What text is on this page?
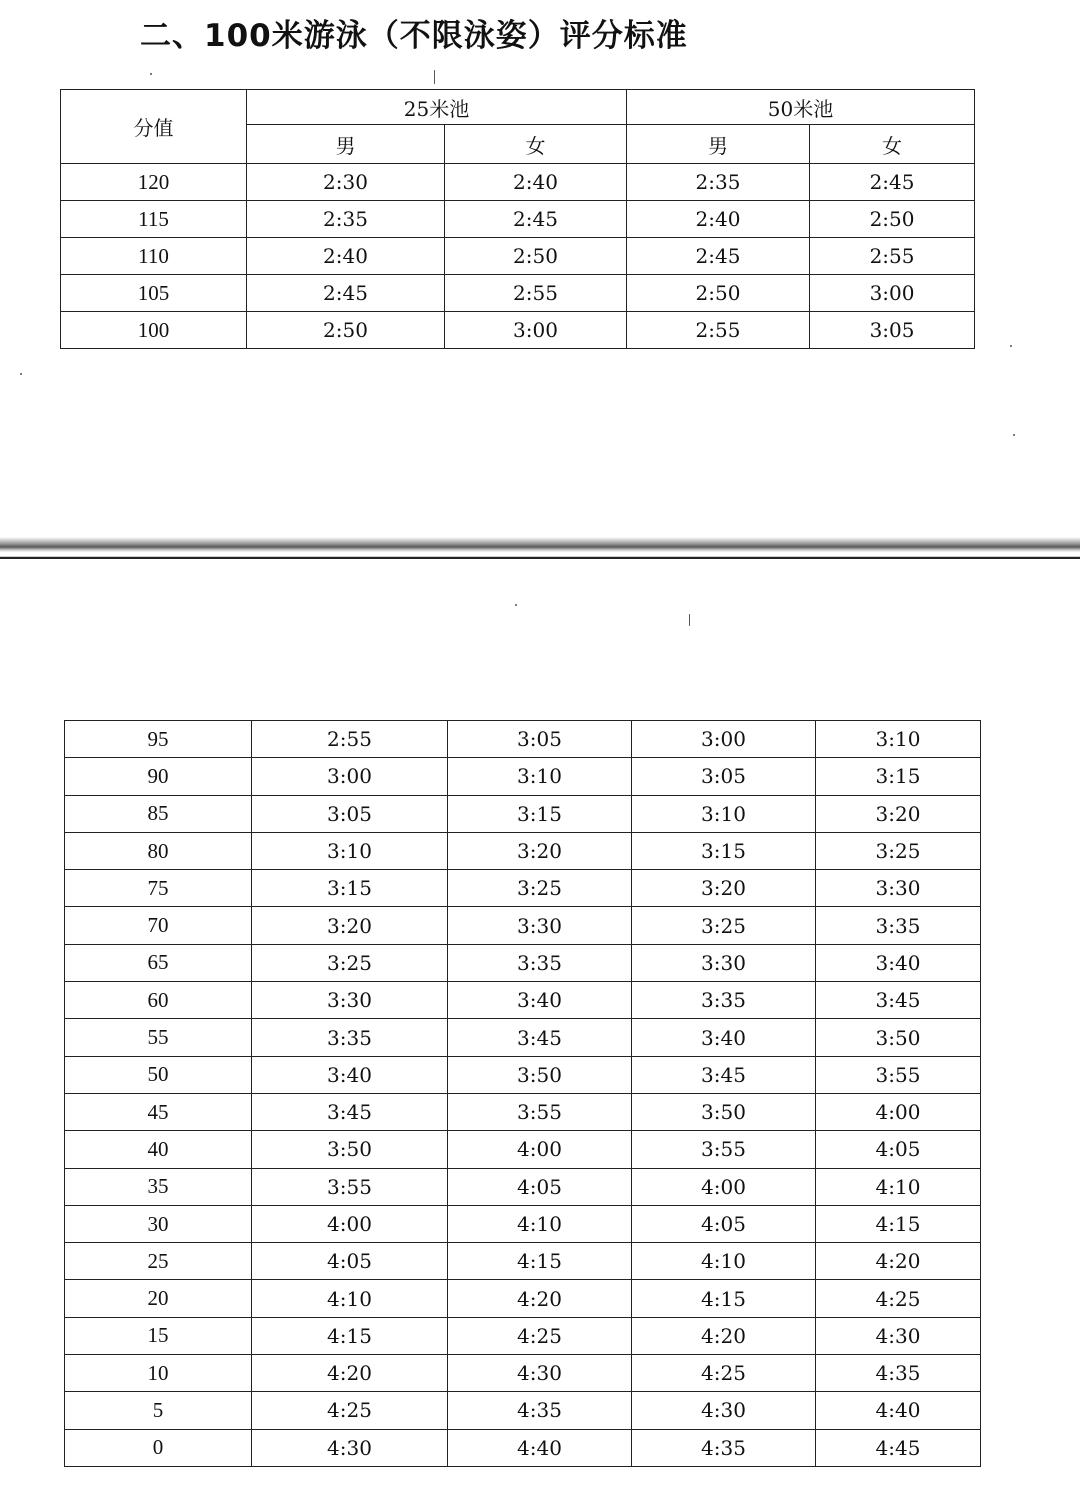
二、100米游泳（不限泳姿）评分标准
分值	25米池		50米池	
	男	女	男	女
120	2:30	2:40	2:35	2:45
115	2:35	2:45	2:40	2:50
110	2:40	2:50	2:45	2:55
105	2:45	2:55	2:50	3:00
100	2:50	3:00	2:55	3:05
95	2:55	3:05	3:00	3:10
90	3:00	3:10	3:05	3:15
85	3:05	3:15	3:10	3:20
80	3:10	3:20	3:15	3:25
75	3:15	3:25	3:20	3:30
70	3:20	3:30	3:25	3:35
65	3:25	3:35	3:30	3:40
60	3:30	3:40	3:35	3:45
55	3:35	3:45	3:40	3:50
50	3:40	3:50	3:45	3:55
45	3:45	3:55	3:50	4:00
40	3:50	4:00	3:55	4:05
35	3:55	4:05	4:00	4:10
30	4:00	4:10	4:05	4:15
25	4:05	4:15	4:10	4:20
20	4:10	4:20	4:15	4:25
15	4:15	4:25	4:20	4:30
10	4:20	4:30	4:25	4:35
5	4:25	4:35	4:30	4:40
0	4:30	4:40	4:35	4:45
